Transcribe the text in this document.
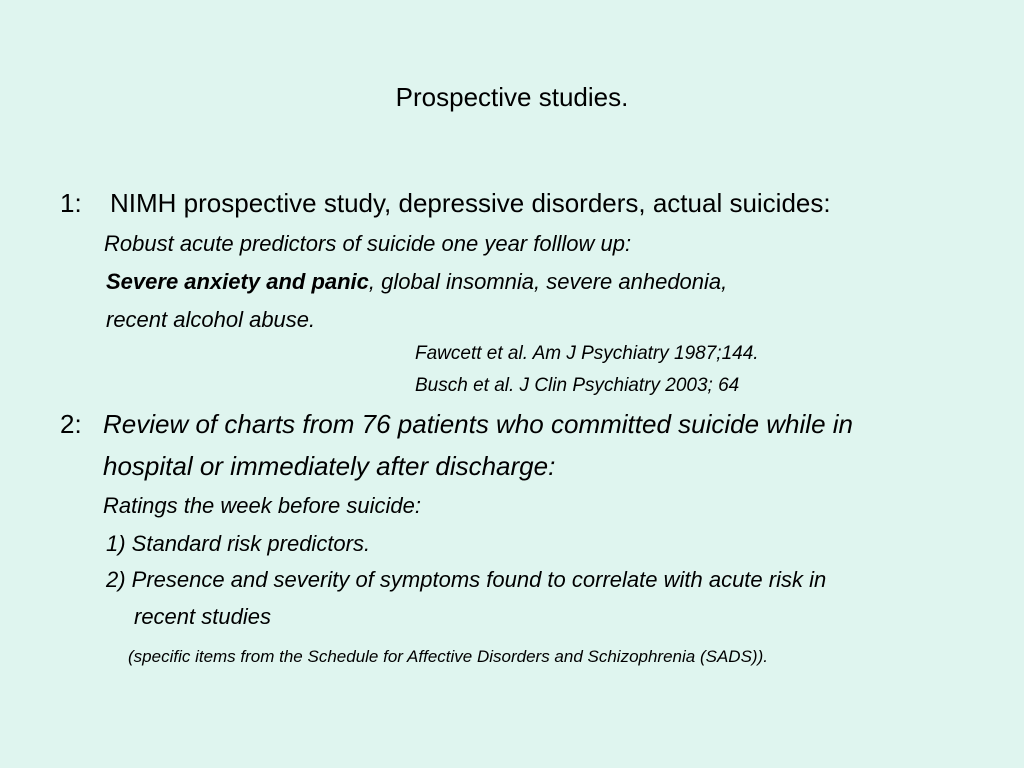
Prospective studies.
1: NIMH prospective study, depressive disorders, actual suicides:
Robust acute predictors of suicide one year folllow up:
Severe anxiety and panic, global insomnia, severe anhedonia,
recent alcohol abuse.
Fawcett et al. Am J Psychiatry 1987;144.
Busch et al. J Clin Psychiatry 2003; 64
2: Review of charts from 76 patients who committed suicide while in
hospital or immediately after discharge:
Ratings the week before suicide:
1) Standard risk predictors.
2) Presence and severity of symptoms found to correlate with acute risk in
recent studies
(specific items from the Schedule for Affective Disorders and Schizophrenia (SADS)).
